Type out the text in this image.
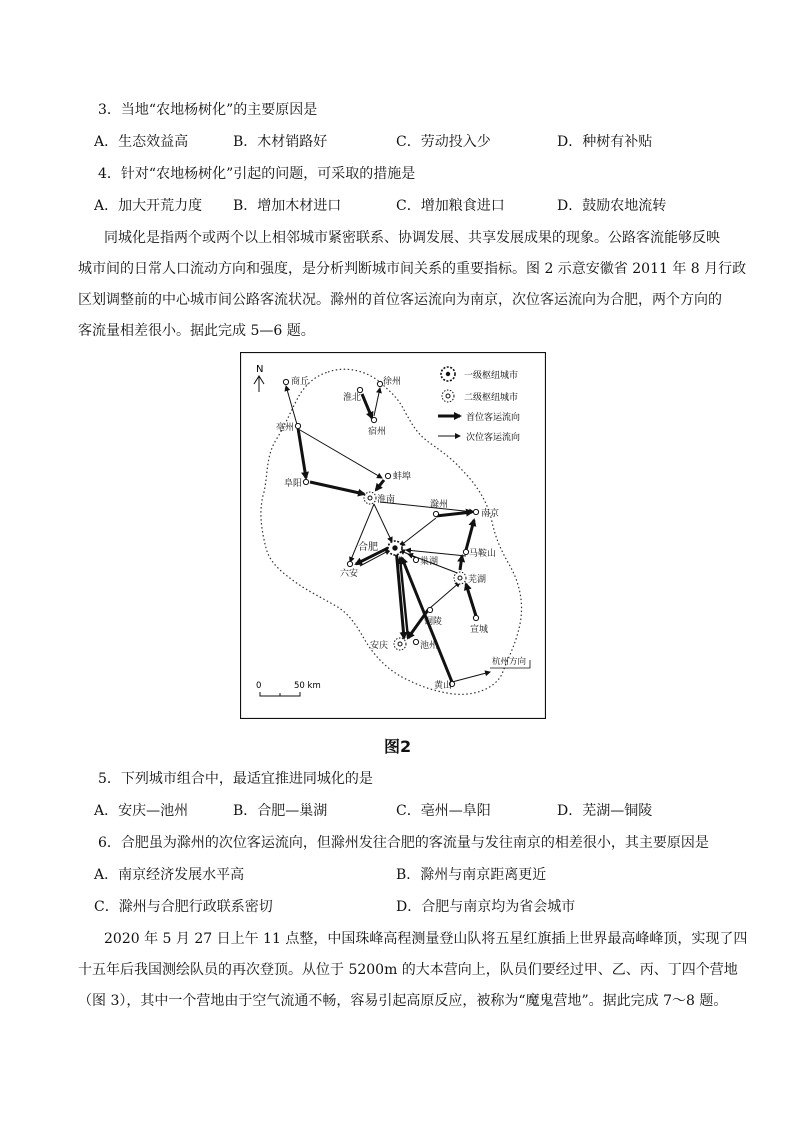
3．当地“农地杨树化”的主要原因是
A．生态效益高	B．木材销路好	C．劳动投入少	D．种树有补贴
4．针对“农地杨树化”引起的问题，可采取的措施是
A．加大开荒力度 B．增加木材进口	C．增加粮食进口	D．鼓励农地流转
同城化是指两个或两个以上相邻城市紧密联系、协调发展、共享发展成果的现象。公路客流能够反映
城市间的日常人口流动方向和强度，是分析判断城市间关系的重要指标。图 2 示意安徽省 2011 年 8 月行政
区划调整前的中心城市间公路客流状况。滁州的首位客运流向为南京，次位客运流向为合肥，两个方向的
客流量相差很小。据此完成 5—6 题。
N
一级枢纽城市
二级枢纽城市
首位客运流向
次位客运流向
商丘	徐州
淮北
宿州
亳州
蚌埠
阜阳
淮南	滁州
南京
合肥
马鞍山
六安
巢湖
芜湖
铜陵
宣城
安庆	池州
黄山
杭州方向
0	50 km
图2
5．下列城市组合中，最适宜推进同城化的是
A．安庆—池州	B．合肥—巢湖	C．亳州—阜阳	D．芜湖—铜陵
6．合肥虽为滁州的次位客运流向，但滁州发往合肥的客流量与发往南京的相差很小，其主要原因是
A．南京经济发展水平高	B．滁州与南京距离更近
C．滁州与合肥行政联系密切	D．合肥与南京均为省会城市
2020 年 5 月 27 日上午 11 点整，中国珠峰高程测量登山队将五星红旗插上世界最高峰峰顶，实现了四
十五年后我国测绘队员的再次登顶。从位于 5200m 的大本营向上，队员们要经过甲、乙、丙、丁四个营地
（图 3），其中一个营地由于空气流通不畅，容易引起高原反应，被称为“魔鬼营地”。据此完成 7～8 题。
